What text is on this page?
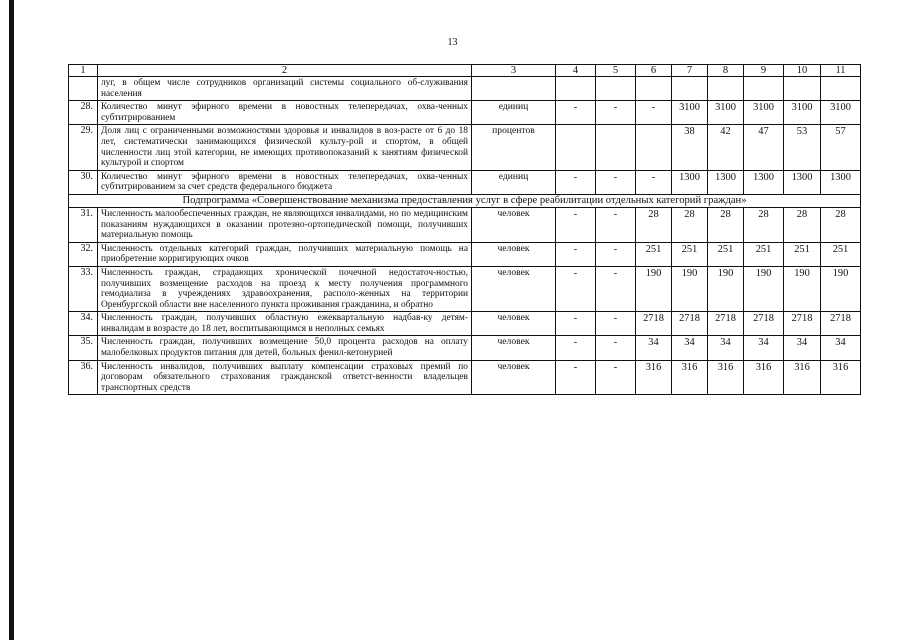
13
1	2	3	4	5	6	7	8	9	10	11
	луг, в общем числе сотрудников организаций системы социального об-служивания населения									
28.	Количество минут эфирного времени в новостных телепередачах, охва-ченных субтитрированием	единиц	-	-	-	3100	3100	3100	3100	3100
29.	Доля лиц с ограниченными возможностями здоровья и инвалидов в воз-расте от 6 до 18 лет, систематически занимающихся физической культу-рой и спортом, в общей численности лиц этой категории, не имеющих противопоказаний к занятиям физической культурой и спортом	процентов				38	42	47	53	57
30.	Количество минут эфирного времени в новостных телепередачах, охва-ченных субтитрированием за счет средств федерального бюджета	единиц	-	-	-	1300	1300	1300	1300	1300
Подпрограмма «Совершенствование механизма предоставления услуг в сфере реабилитации отдельных категорий граждан»										
31.	Численность малообеспеченных граждан, не являющихся инвалидами, но по медицинским показаниям нуждающихся в оказании протезно-ортопедической помощи, получивших материальную помощь	человек	-	-	28	28	28	28	28	28
32.	Численность отдельных категорий граждан, получивших материальную помощь на приобретение корригирующих очков	человек	-	-	251	251	251	251	251	251
33.	Численность граждан, страдающих хронической почечной недостаточ-ностью, получивших возмещение расходов на проезд к месту получения программного гемодиализа в учреждениях здравоохранения, располо-женных на территории Оренбургской области вне населенного пункта проживания гражданина, и обратно	человек	-	-	190	190	190	190	190	190
34.	Численность граждан, получивших областную ежеквартальную надбав-ку детям-инвалидам в возрасте до 18 лет, воспитывающимся в неполных семьях	человек	-	-	2718	2718	2718	2718	2718	2718
35.	Численность граждан, получивших возмещение 50,0 процента расходов на оплату малобелковых продуктов питания для детей, больных фенил-кетонурией	человек	-	-	34	34	34	34	34	34
36.	Численность инвалидов, получивших выплату компенсации страховых премий по договорам обязательного страхования гражданской ответст-венности владельцев транспортных средств	человек	-	-	316	316	316	316	316	316
